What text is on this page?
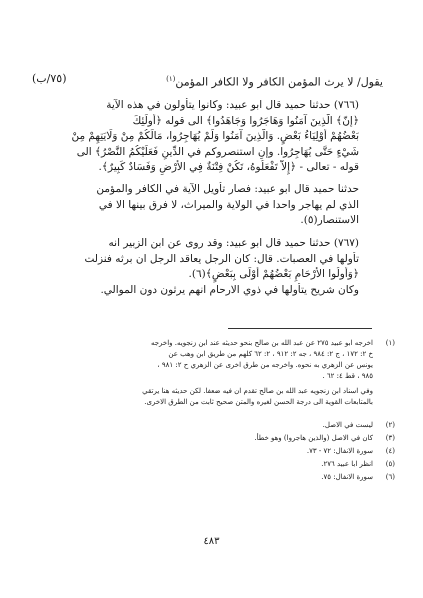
يقول/ لا يرث المؤمن الكافر ولا الكافر المؤمن$^{(١)}$
(٧٥/ب)
(٧٦٦) حدثنا حميد قال ابو عبيد: وكانوا يتأولون في هذه الآية
﴿إنّ﴾ الَّذِينَ آمَنُوا وَهَاجَرُوا وَجَاهَدُوا﴾ الى قوله ﴿أُولَئِكَ
بَعْضُهُمْ أَوْلِيَاءُ بَعْضٍ. وَالَّذِينَ آمَنُوا وَلَمْ يُهَاجِرُوا، مَالَكُمْ مِنْ وَلَايَتِهِمْ مِنْ
شَيْءٍ حَتَّى يُهَاجِرُوا. وإنِ استنصروكم في الدِّينِ فَعَلَيْكُمُ النَّصْرُ﴾ الى
قوله - تعالى - ﴿إِلاَّ تَفْعَلُوهُ، تَكُنْ فِتْنَةٌ فِي الأَرْضِ وَفَسَادٌ كَبِيرٌ﴾.
حدثنا حميد قال ابو عبيد: فصار تأويل الآية في الكافر والمؤمن
الذي لم يهاجر واحدا في الولاية والميراث، لا فرق بينها الا في
الاستنصار(٥).
(٧٦٧) حدثنا حميد قال ابو عبيد: وقد روى عن ابن الزبير انه
تأولها في العصبات. قال: كان الرجل يعاقد الرجل ان برثه فنزلت
﴿وَأُولُوا الأَرْحَامِ بَعْضُهُمْ أَوْلَى بِبَعْضٍ﴾(٦).
وكان شريح يتأولها في ذوي الارحام انهم يرثون دون الموالي.
(١)
اخرجه ابو عبيد ٢٧٥ عن عبد الله بن صالح بنحو حديثه عند ابن زنجويه. واخرجه
خ ٢: ١٧٢ ، ج ٢: ٩٨٤ ، جه ٢: ٩١٢ ، ٢: ٦٢ كلهم من طريق ابن وهب عن
يونس عن الزهري به نحوه. واخرجه من طرق اخرى عن الزهري ح ٢: ٩٨١ ،
٩٨٥ ، قط ٤: ٦٢ .
وفي اسناد ابن زنجويه عبد الله بن صالح تقدم ان فيه ضعفا. لكن حديثه هنا يرتقي
بالمتابعات القوية الى درجة الحسن لغيره والمتن صحيح ثابت من الطرق الاخرى.
(٢)
ليست في الاصل.
(٣)
كان في الاصل (والذين هاجروا) وهو خطأ.
(٤)
سورة الانفال: ٧٢ - ٧٣.
(٥)
انظر ابا عبيد ٢٧٦.
(٦)
سورة الانفال: ٧٥.
٤٨٣
